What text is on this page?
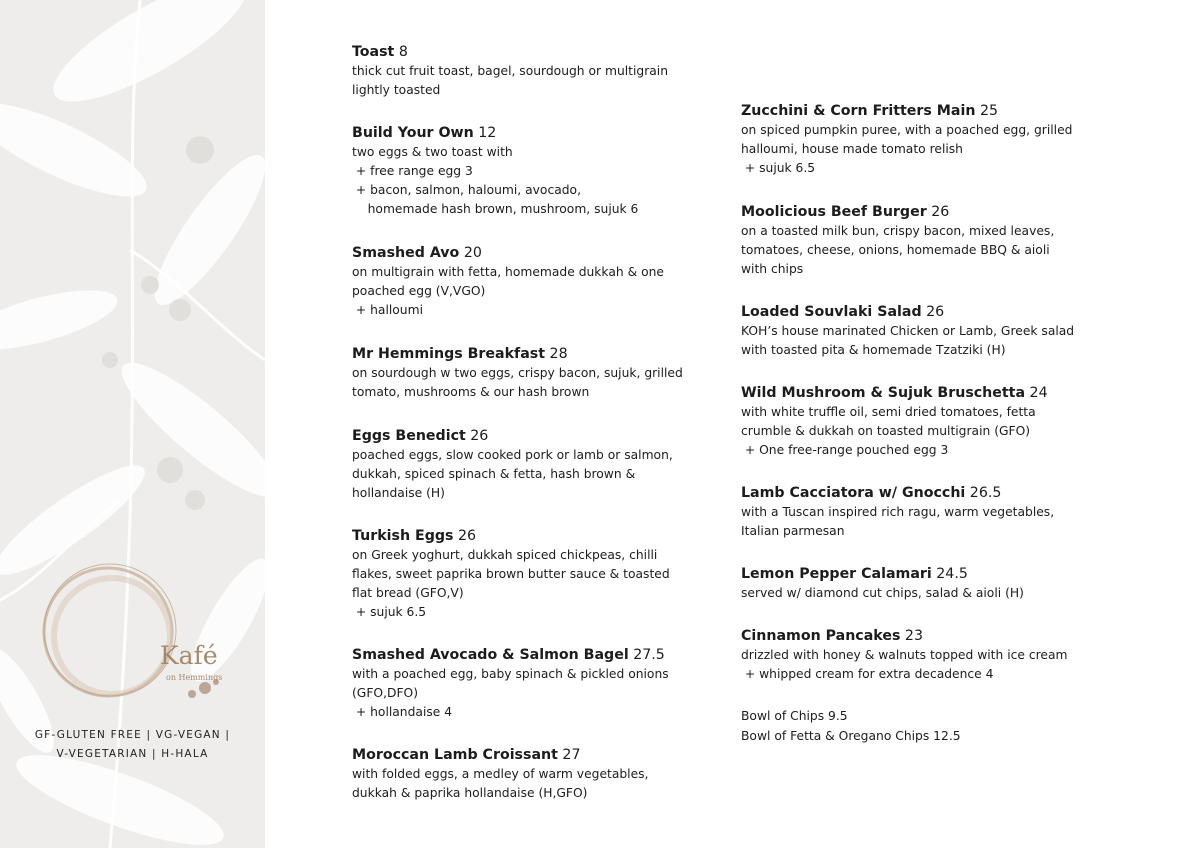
Kafé
on Hemmings
GF-GLUTEN FREE | VG-VEGAN |
V-VEGETARIAN | H-HALA
Toast 8
thick cut fruit toast, bagel, sourdough or multigrain
lightly toasted
Build Your Own 12
two eggs & two toast with
+ free range egg 3
+ bacon, salmon, haloumi, avocado,
homemade hash brown, mushroom, sujuk 6
Smashed Avo 20
on multigrain with fetta, homemade dukkah & one
poached egg (V,VGO)
+ halloumi
Mr Hemmings Breakfast 28
on sourdough w two eggs, crispy bacon, sujuk, grilled
tomato, mushrooms & our hash brown
Eggs Benedict 26
poached eggs, slow cooked pork or lamb or salmon,
dukkah, spiced spinach & fetta, hash brown &
hollandaise (H)
Turkish Eggs 26
on Greek yoghurt, dukkah spiced chickpeas, chilli
flakes, sweet paprika brown butter sauce & toasted
flat bread (GFO,V)
+ sujuk 6.5
Smashed Avocado & Salmon Bagel 27.5
with a poached egg, baby spinach & pickled onions
(GFO,DFO)
+ hollandaise 4
Moroccan Lamb Croissant 27
with folded eggs, a medley of warm vegetables,
dukkah & paprika hollandaise (H,GFO)
Bowl of Chips 9.5
Bowl of Fetta & Oregano Chips 12.5
Zucchini & Corn Fritters Main 25
on spiced pumpkin puree, with a poached egg, grilled
halloumi, house made tomato relish
+ sujuk 6.5
Moolicious Beef Burger 26
on a toasted milk bun, crispy bacon, mixed leaves,
tomatoes, cheese, onions, homemade BBQ & aioli
with chips
Loaded Souvlaki Salad 26
KOH’s house marinated Chicken or Lamb, Greek salad
with toasted pita & homemade Tzatziki (H)
Wild Mushroom & Sujuk Bruschetta 24
with white truffle oil, semi dried tomatoes, fetta
crumble & dukkah on toasted multigrain (GFO)
+ One free-range pouched egg 3
Lamb Cacciatora w/ Gnocchi 26.5
with a Tuscan inspired rich ragu, warm vegetables,
Italian parmesan
Lemon Pepper Calamari 24.5
served w/ diamond cut chips, salad & aioli (H)
Cinnamon Pancakes 23
drizzled with honey & walnuts topped with ice cream
+ whipped cream for extra decadence 4
